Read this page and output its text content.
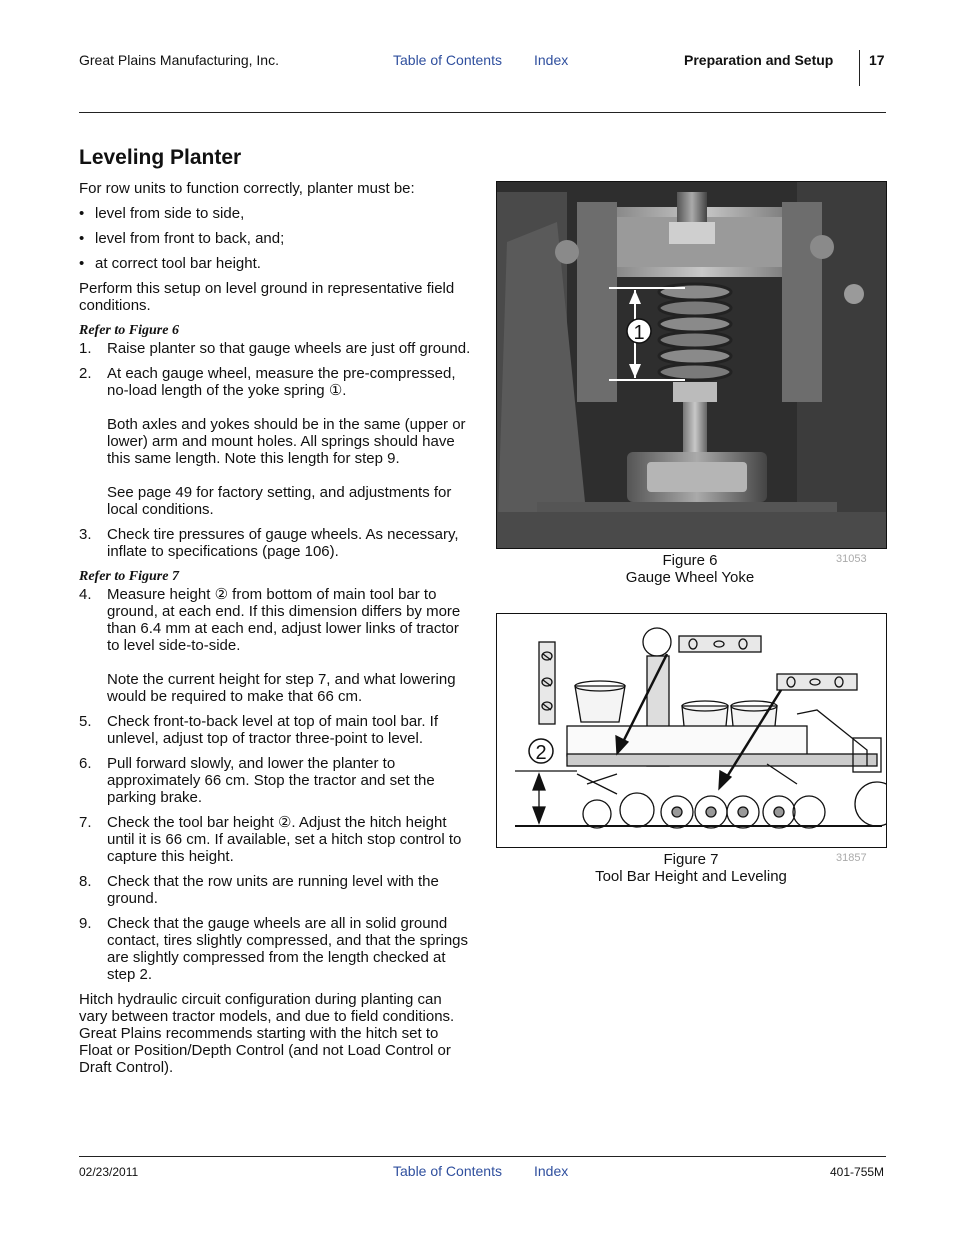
Great Plains Manufacturing, Inc.	Table of Contents Index	Preparation and Setup	17
Leveling Planter

For row units to function correctly, planter must be:

• level from side to side,
• level from front to back, and;
• at correct tool bar height.

Perform this setup on level ground in representative field conditions.

Refer to Figure 6
1. Raise planter so that gauge wheels are just off ground.
2. At each gauge wheel, measure the pre-compressed, no-load length of the yoke spring ①.
Both axles and yokes should be in the same (upper or lower) arm and mount holes. All springs should have this same length. Note this length for step 9.
See page 49 for factory setting, and adjustments for local conditions.
3. Check tire pressures of gauge wheels. As necessary, inflate to specifications (page 106).
Refer to Figure 7
4. Measure height ② from bottom of main tool bar to ground, at each end. If this dimension differs by more than 6.4 mm at each end, adjust lower links of tractor to level side-to-side.
Note the current height for step 7, and what lowering would be required to make that 66 cm.
5. Check front-to-back level at top of main tool bar. If unlevel, adjust top of tractor three-point to level.
6. Pull forward slowly, and lower the planter to approximately 66 cm. Stop the tractor and set the parking brake.
7. Check the tool bar height ②. Adjust the hitch height until it is 66 cm. If available, set a hitch stop control to capture this height.
8. Check that the row units are running level with the ground.
9. Check that the gauge wheels are all in solid ground contact, tires slightly compressed, and that the springs are slightly compressed from the length checked at step 2.

Hitch hydraulic circuit configuration during planting can vary between tractor models, and due to field conditions. Great Plains recommends starting with the hitch set to Float or Position/Depth Control (and not Load Control or Draft Control).

1
Figure 6
Gauge Wheel Yoke
31053
2
Figure 7
Tool Bar Height and Leveling
31857
02/23/2011	Table of Contents Index	401-755M
